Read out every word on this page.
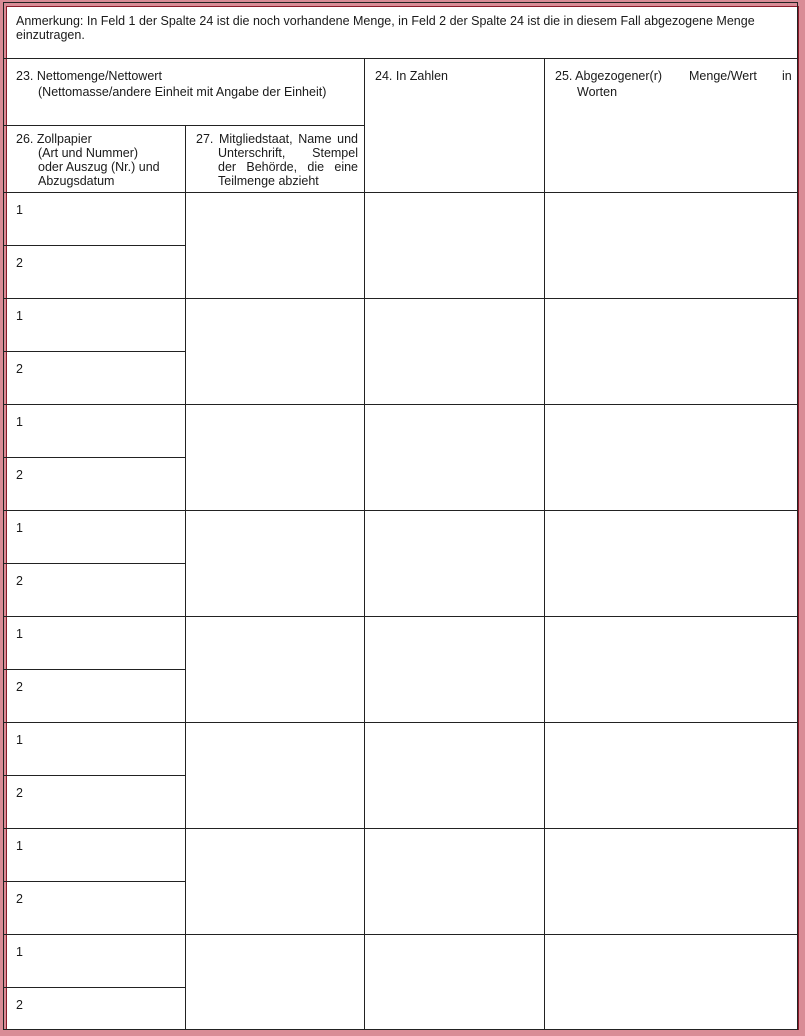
Anmerkung: In Feld 1 der Spalte 24 ist die noch vorhandene Menge, in Feld 2 der Spalte 24 ist die in diesem Fall abgezogene Menge einzutragen.
23. Nettomenge/Nettowert
(Nettomasse/andere Einheit mit Angabe der Einheit)
24. In Zahlen	25. Abgezogener(r) Menge/Wert in
Worten
26. Zollpapier
(Art und Nummer)
oder Auszug (Nr.) und
Abzugsdatum
27. Mitgliedstaat, Name und
Unterschrift, Stempel
der Behörde, die eine
Teilmenge abzieht
1
2
1
2
1
2
1
2
1
2
1
2
1
2
1
2
